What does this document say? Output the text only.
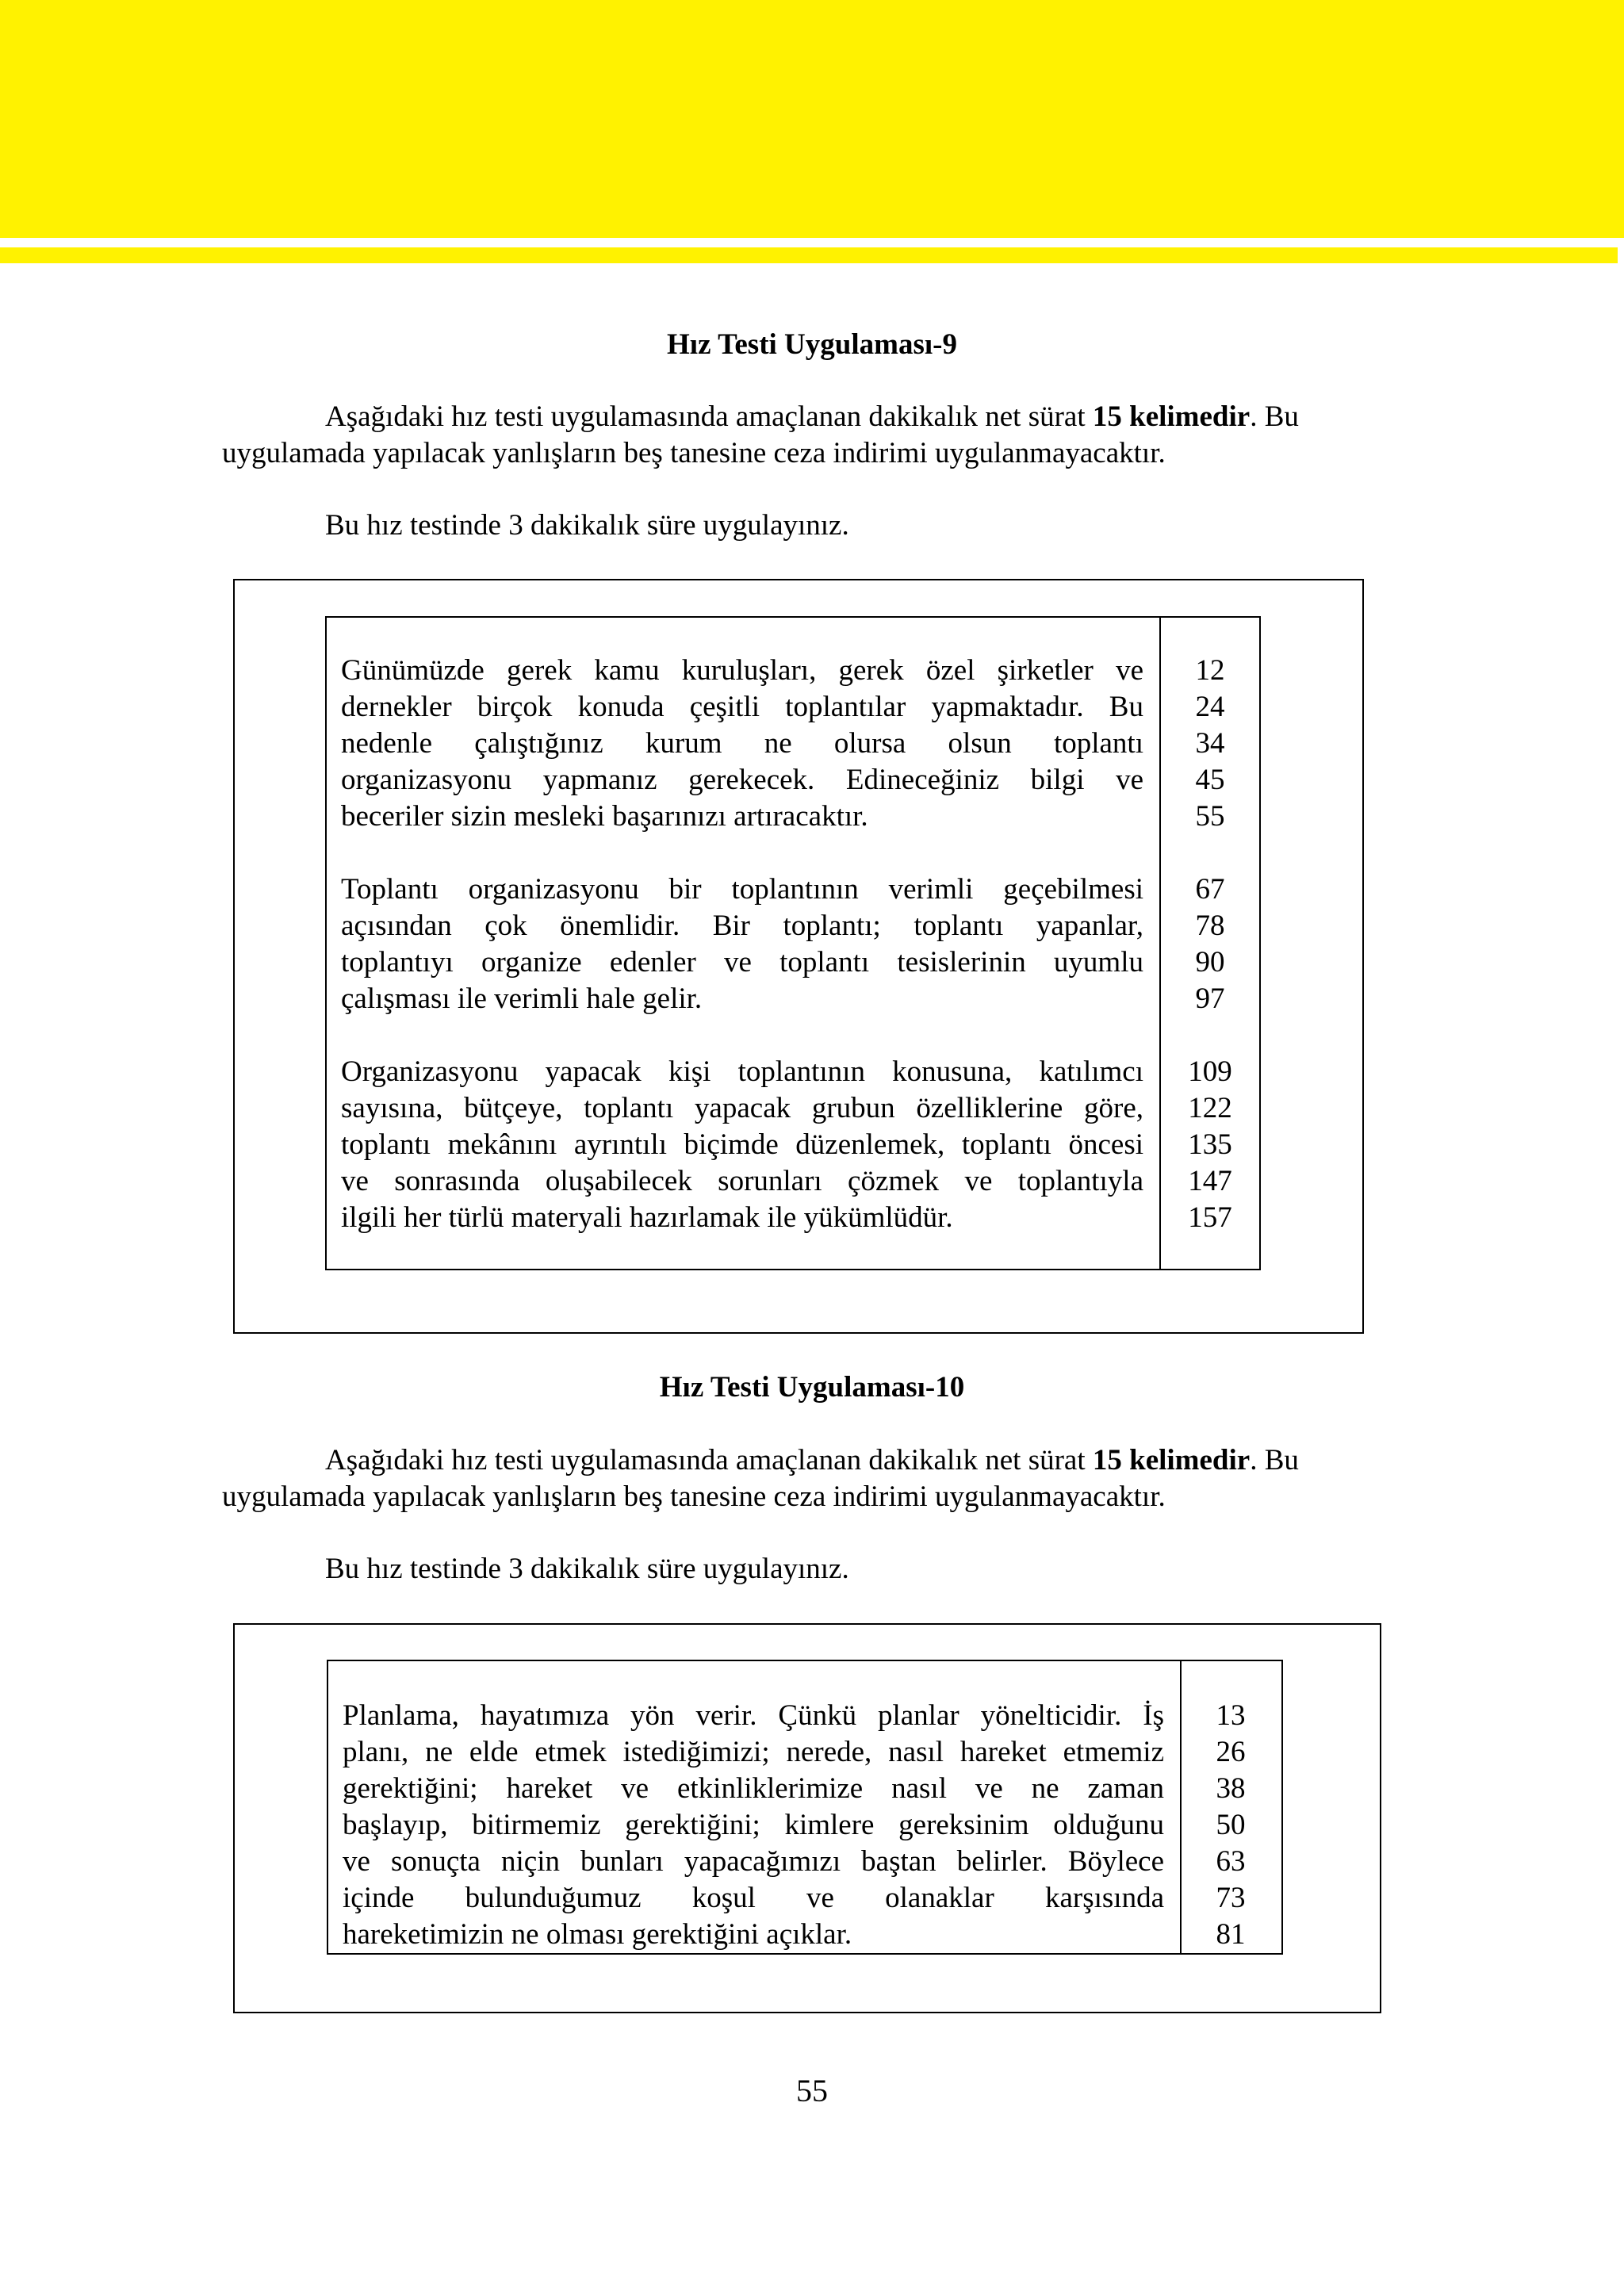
Hız Testi Uygulaması-9
Aşağıdaki hız testi uygulamasında amaçlanan dakikalık net sürat 15 kelimedir. Bu
uygulamada yapılacak yanlışların beş tanesine ceza indirimi uygulanmayacaktır.
Bu hız testinde 3 dakikalık süre uygulayınız.
Günümüzde gerek kamu kuruluşları, gerek özel şirketler ve
dernekler birçok konuda çeşitli toplantılar yapmaktadır. Bu
nedenle çalıştığınız kurum ne olursa olsun toplantı
organizasyonu yapmanız gerekecek. Edineceğiniz bilgi ve
beceriler sizin mesleki başarınızı artıracaktır.
Toplantı organizasyonu bir toplantının verimli geçebilmesi
açısından çok önemlidir. Bir toplantı; toplantı yapanlar,
toplantıyı organize edenler ve toplantı tesislerinin uyumlu
çalışması ile verimli hale gelir.
Organizasyonu yapacak kişi toplantının konusuna, katılımcı
sayısına, bütçeye, toplantı yapacak grubun özelliklerine göre,
toplantı mekânını ayrıntılı biçimde düzenlemek, toplantı öncesi
ve sonrasında oluşabilecek sorunları çözmek ve toplantıyla
ilgili her türlü materyali hazırlamak ile yükümlüdür.
12
24
34
45
55
67
78
90
97
109
122
135
147
157
Hız Testi Uygulaması-10
Aşağıdaki hız testi uygulamasında amaçlanan dakikalık net sürat 15 kelimedir. Bu
uygulamada yapılacak yanlışların beş tanesine ceza indirimi uygulanmayacaktır.
Bu hız testinde 3 dakikalık süre uygulayınız.
Planlama, hayatımıza yön verir. Çünkü planlar yönelticidir. İş
planı, ne elde etmek istediğimizi; nerede, nasıl hareket etmemiz
gerektiğini; hareket ve etkinliklerimize nasıl ve ne zaman
başlayıp, bitirmemiz gerektiğini; kimlere gereksinim olduğunu
ve sonuçta niçin bunları yapacağımızı baştan belirler. Böylece
içinde bulunduğumuz koşul ve olanaklar karşısında
hareketimizin ne olması gerektiğini açıklar.
13
26
38
50
63
73
81
55
